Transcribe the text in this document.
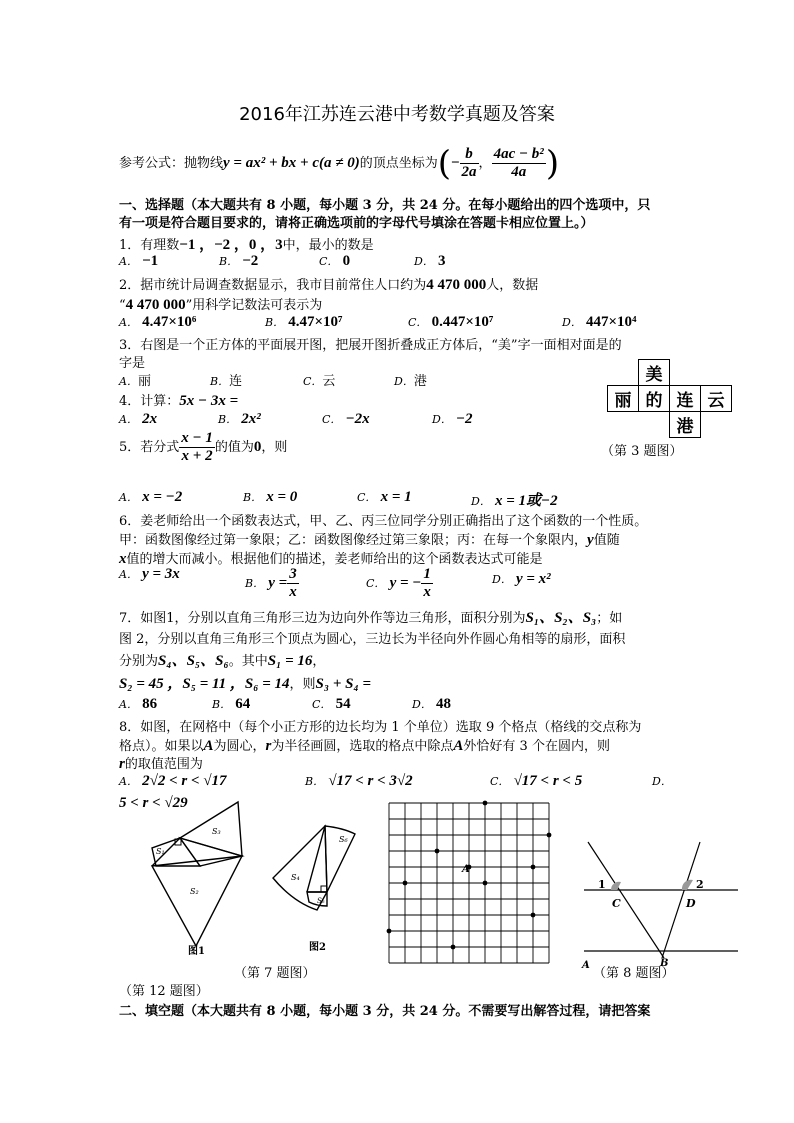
2016年江苏连云港中考数学真题及答案
参考公式：抛物线y = ax² + bx + c(a ≠ 0)的顶点坐标为(− $\frac{b}{2a}$ ， $\frac{\text{4ac − b²}}{4a}$ )
一、选择题（本大题共有 8 小题，每小题 3 分，共 24 分。在每小题给出的四个选项中，只
有一项是符合题目要求的，请将正确选项前的字母代号填涂在答题卡相应位置上。）
1．有理数−1 ，−2 ，0 ，3中，最小的数是
A． −1	B． −2	C． 0	D． 3
2．据市统计局调查数据显示，我市目前常住人口约为4 470 000人，数据
“4 470 000”用科学记数法可表示为
A． 4.47×10⁶	B． 4.47×10⁷	C． 0.447×10⁷	D． 447×10⁴
3．右图是一个正方体的平面展开图，把展开图折叠成正方体后，“美”字一面相对面是的
字是
A．丽	B．连	C．云	D．港
		美		
丽	的	连	云
		港	
（第 3 题图）
4．计算：5x − 3x =
A． 2x	B． 2x²	C． −2x	D． −2
5．若分式 $\frac{x - 1}{x + 2}$ 的值为0，则
A． x = −2	B． x = 0	C． x = 1	D． x = 1或−2
6．姜老师给出一个函数表达式，甲、乙、丙三位同学分别正确指出了这个函数的一个性质。
甲：函数图像经过第一象限；乙：函数图像经过第三象限；丙：在每一个象限内，y值随
x值的增大而减小。根据他们的描述，姜老师给出的这个函数表达式可能是
A． y = 3x
B． $y = \frac{3}{x}$	C． y = − $\frac{1}{x}$	D． y = x²
7．如图1，分别以直角三角形三边为边向外作等边三角形，面积分别为S₁、S₂、S₃；如
图 2，分别以直角三角形三个顶点为圆心，三边长为半径向外作圆心角相等的扇形，面积
分别为S₄、S₅、S₆。其中S₁ = 16，
S₂ = 45 ，S₅ = 11 ，S₆ = 14，则S₃ + S₄ =
A． 86	B． 64	C． 54	D． 48
8．如图，在网格中（每个小正方形的边长均为 1 个单位）选取 9 个格点（格线的交点称为
格点）。如果以A为圆心，r为半径画圆，选取的格点中除点A外恰好有 3 个在圆内，则
r的取值范围为
A． 2√2 < r < √17	B． √17 < r < 3√2	C． √17 < r < 5	D．
5 < r < √29
S₃
S₁
S₂
图1
S₆
S₄
S₅
图2
（第 7 题图）
A
1	2
C	D
A	B
（第 8 题图）
（第 12 题图）
二、填空题（本大题共有 8 小题，每小题 3 分，共 24 分。不需要写出解答过程，请把答案
